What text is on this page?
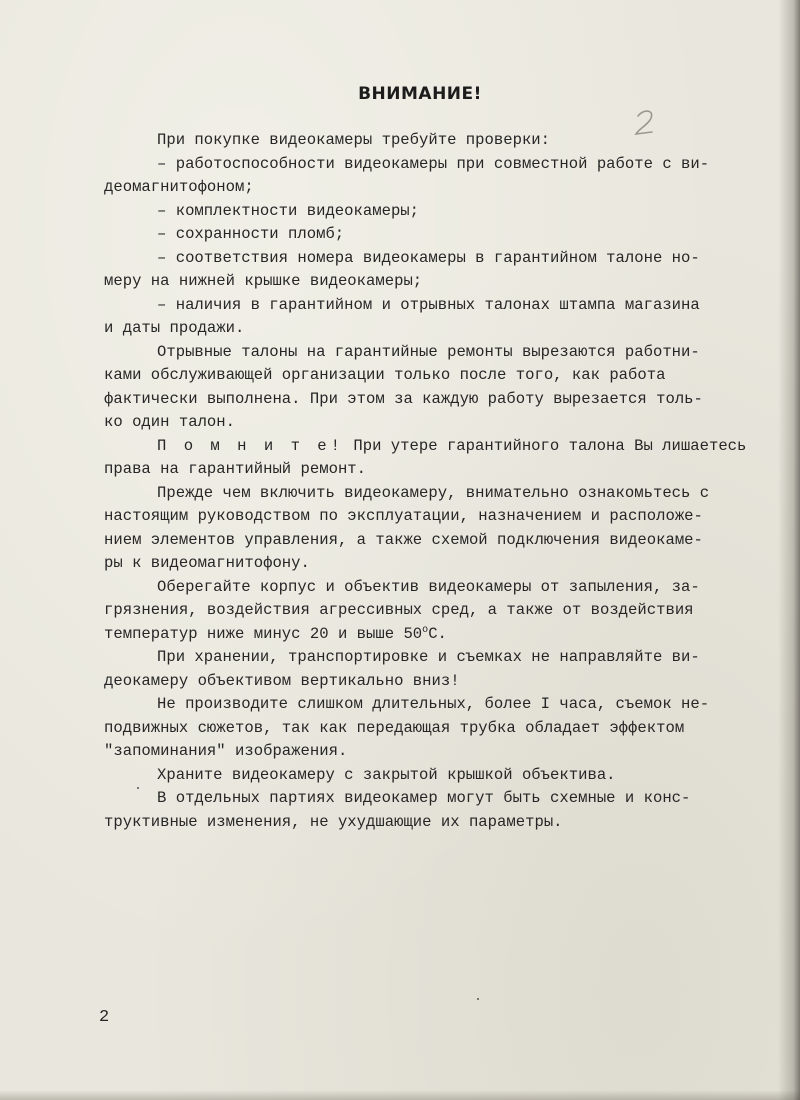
ВНИМАНИЕ!
При покупке видеокамеры требуйте проверки:
– работоспособности видеокамеры при совместной работе с ви-
деомагнитофоном;
– комплектности видеокамеры;
– сохранности пломб;
– соответствия номера видеокамеры в гарантийном талоне но-
меру на нижней крышке видеокамеры;
– наличия в гарантийном и отрывных талонах штампа магазина
и даты продажи.
Отрывные талоны на гарантийные ремонты вырезаются работни-
ками обслуживающей организации только после того, как работа
фактически выполнена. При этом за каждую работу вырезается толь-
ко один талон.
П о м н и т е! При утере гарантийного талона Вы лишаетесь
права на гарантийный ремонт.
Прежде чем включить видеокамеру, внимательно ознакомьтесь с
настоящим руководством по эксплуатации, назначением и расположе-
нием элементов управления, а также схемой подключения видеокаме-
ры к видеомагнитофону.
Оберегайте корпус и объектив видеокамеры от запыления, за-
грязнения, воздействия агрессивных сред, а также от воздействия
температур ниже минус 20 и выше 50$^o$С.
При хранении, транспортировке и съемках не направляйте ви-
деокамеру объективом вертикально вниз!
Не производите слишком длительных, более I часа, съемок не-
подвижных сюжетов, так как передающая трубка обладает эффектом
"запоминания" изображения.
Храните видеокамеру с закрытой крышкой объектива.
В отдельных партиях видеокамер могут быть схемные и конс-
труктивные изменения, не ухудшающие их параметры.
2
